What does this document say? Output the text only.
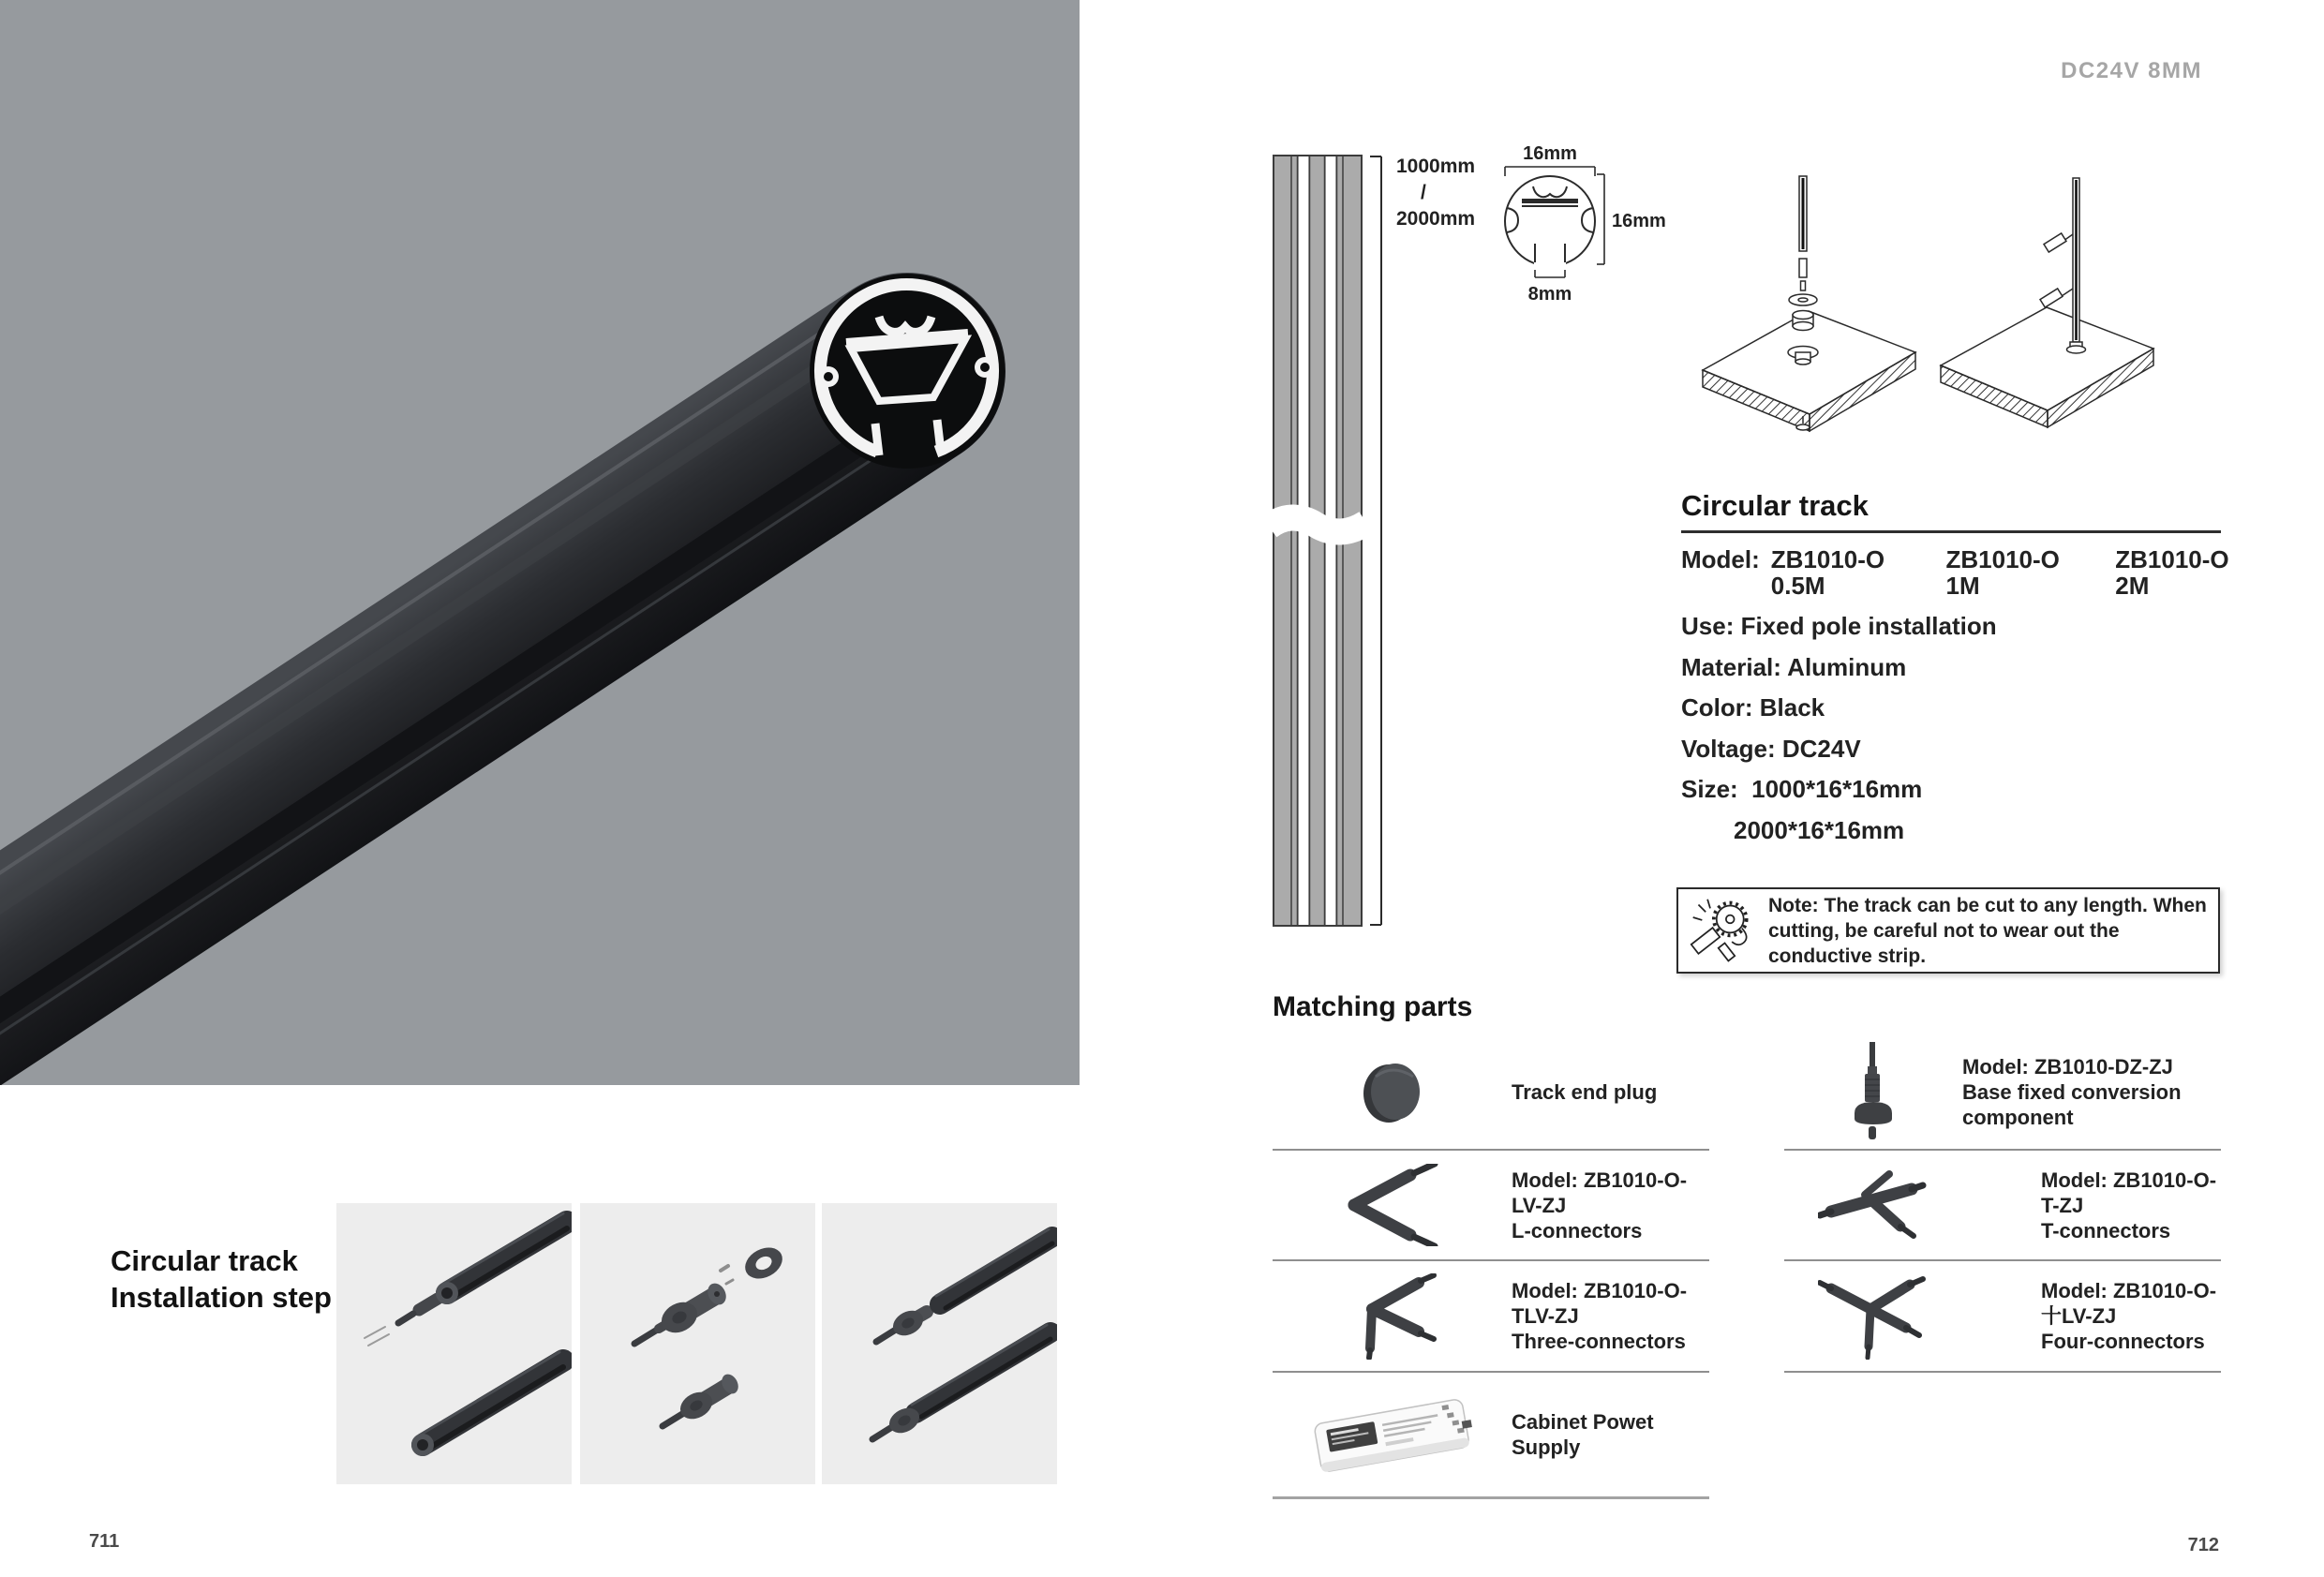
DC24V 8MM
1000mm
/
2000mm
16mm
16mm
8mm
Circular track
Model: ZB1010-O 0.5M
ZB1010-O 1M
ZB1010-O 2M

Use: Fixed pole installation

Material: Aluminum

Color: Black

Voltage: DC24V

Size:  1000*16*16mm

2000*16*16mm

Note: The track can be cut to any length. When cutting, be careful not to wear out the conductive strip.
Matching parts
Track end plug
Model: ZB1010-O-LV-ZJ
L-connectors
Model: ZB1010-O-TLV-ZJ
Three-connectors
Cabinet Powet Supply
Model: ZB1010-DZ-ZJ
Base fixed conversion component
Model: ZB1010-O-T-ZJ
T-connectors
Model: ZB1010-O-十LV-ZJ
Four-connectors
Circular track
Installation step
711	712
